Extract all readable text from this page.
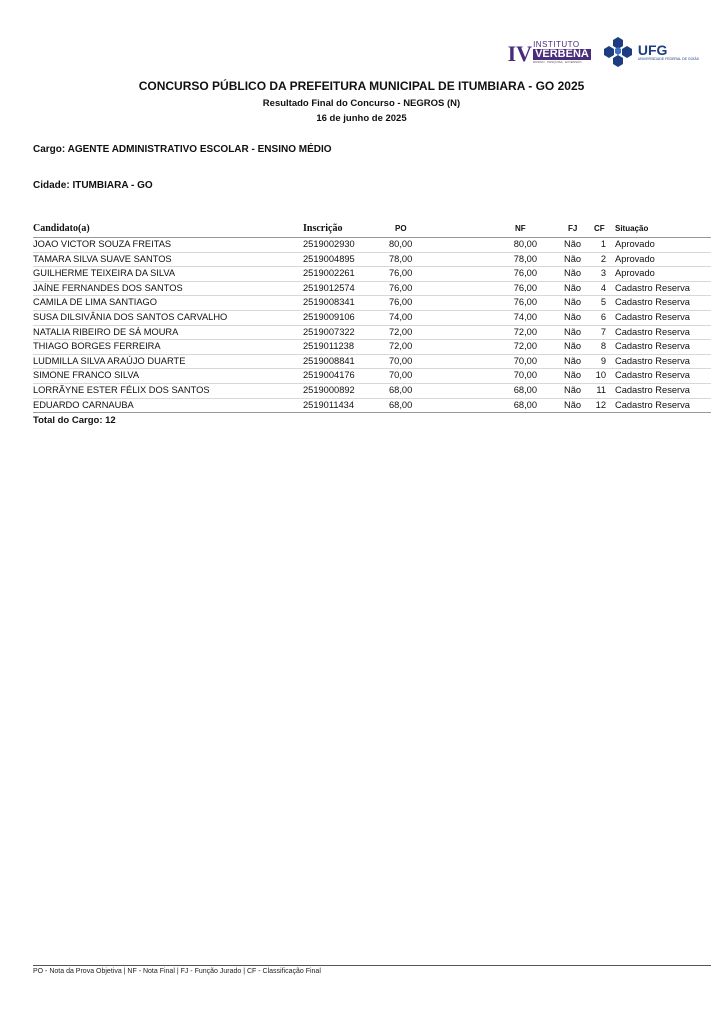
IV INSTITUTO
VERBENA
ENSINO · PESQUISA · EXTENSÃO
UFG
UNIVERSIDADE FEDERAL DE GOIÁS
CONCURSO PÚBLICO DA PREFEITURA MUNICIPAL DE ITUMBIARA - GO 2025
Resultado Final do Concurso - NEGROS (N)
16 de junho de 2025
Cargo: AGENTE ADMINISTRATIVO ESCOLAR - ENSINO MÉDIO
Cidade: ITUMBIARA - GO
Candidato(a)	Inscrição	PO	NF	FJ CF Situação
JOAO VICTOR SOUZA FREITAS	2519002930	80,00	80,00	Não 1 Aprovado
TAMARA SILVA SUAVE SANTOS	2519004895	78,00	78,00	Não 2 Aprovado
GUILHERME TEIXEIRA DA SILVA	2519002261	76,00	76,00	Não 3 Aprovado
JAÍNE FERNANDES DOS SANTOS	2519012574	76,00	76,00	Não 4 Cadastro Reserva
CAMILA DE LIMA SANTIAGO	2519008341	76,00	76,00	Não 5 Cadastro Reserva
SUSA DILSIVÂNIA DOS SANTOS CARVALHO	2519009106	74,00	74,00	Não 6 Cadastro Reserva
NATALIA RIBEIRO DE SÁ MOURA	2519007322	72,00	72,00	Não 7 Cadastro Reserva
THIAGO BORGES FERREIRA	2519011238	72,00	72,00	Não 8 Cadastro Reserva
LUDMILLA SILVA ARAÚJO DUARTE	2519008841	70,00	70,00	Não 9 Cadastro Reserva
SIMONE FRANCO SILVA	2519004176	70,00	70,00	Não 10 Cadastro Reserva
LORRÃYNE ESTER FÉLIX DOS SANTOS	2519000892	68,00	68,00	Não 11 Cadastro Reserva
EDUARDO CARNAUBA	2519011434	68,00	68,00	Não 12 Cadastro Reserva
Total do Cargo: 12
PO - Nota da Prova Objetiva | NF - Nota Final | FJ - Função Jurado | CF - Classificação Final
